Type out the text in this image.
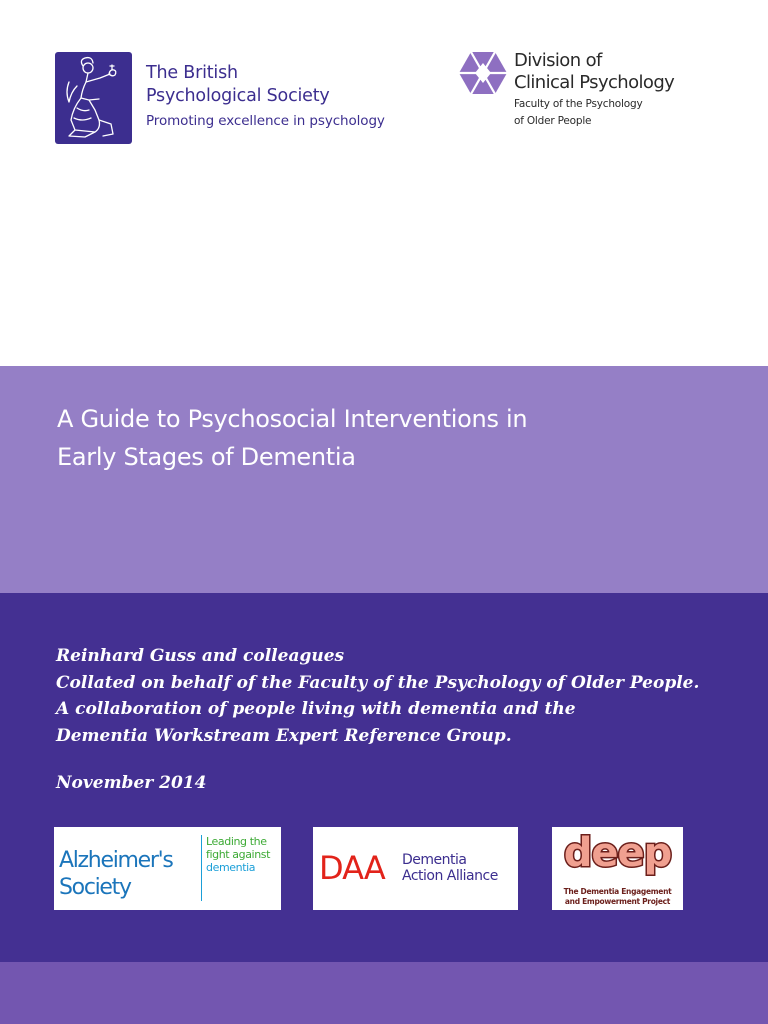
The British
Psychological Society
Promoting excellence in psychology
Division of
Clinical Psychology
Faculty of the Psychology
of Older People
A Guide to Psychosocial Interventions in
Early Stages of Dementia
Reinhard Guss and colleagues
Collated on behalf of the Faculty of the Psychology of Older People.
A collaboration of people living with dementia and the
Dementia Workstream Expert Reference Group.
November 2014
Alzheimer's
Society
Leading the
fight against
dementia	DAA Dementia
Action Alliance deep
The Dementia Engagement
and Empowerment Project
